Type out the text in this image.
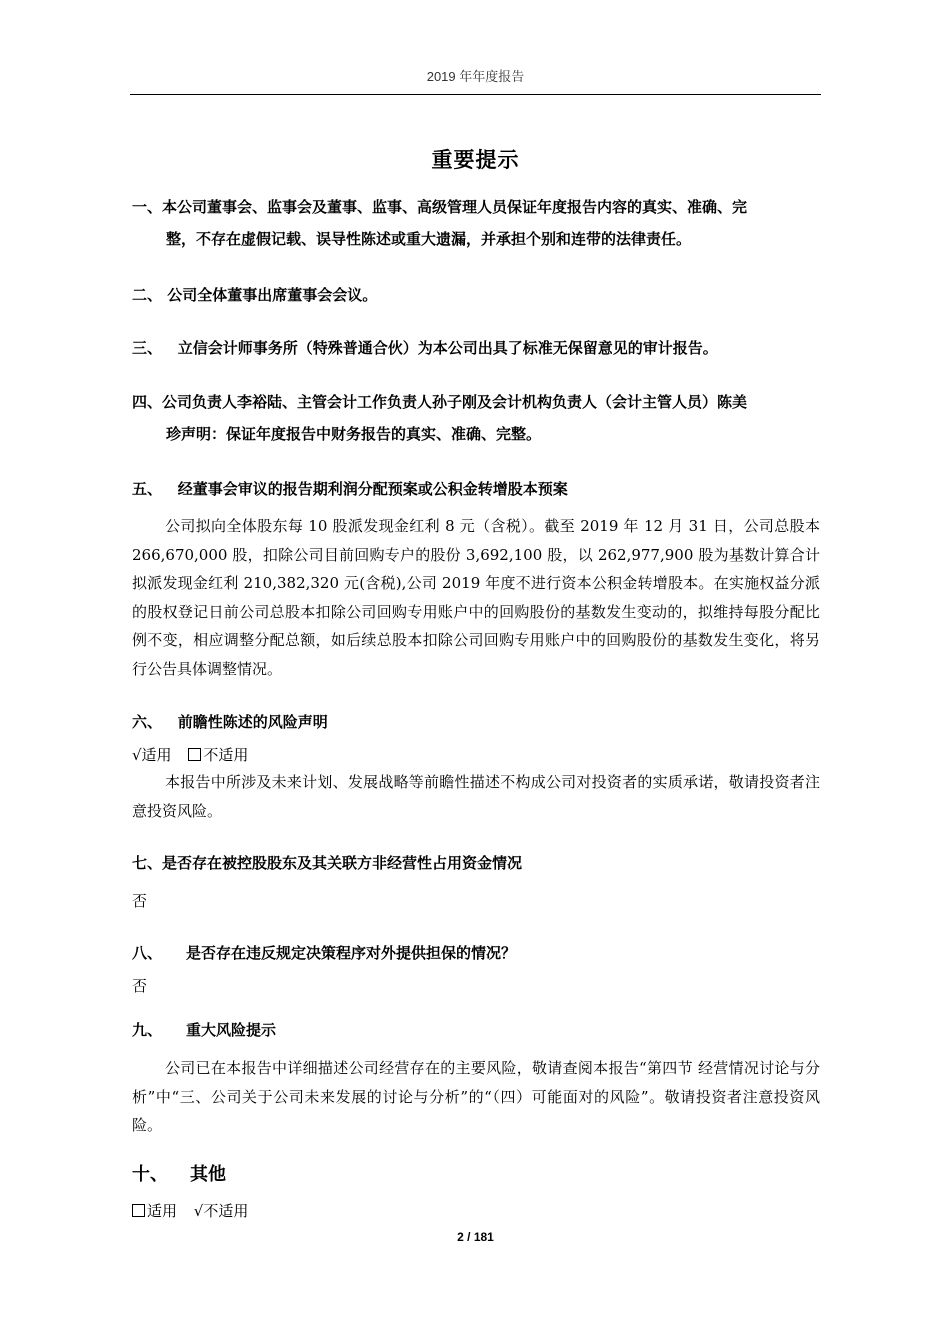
2019 年年度报告
重要提示
一、本公司董事会、监事会及董事、监事、高级管理人员保证年度报告内容的真实、准确、完
整，不存在虚假记载、误导性陈述或重大遗漏，并承担个别和连带的法律责任。
二、 公司全体董事出席董事会会议。
三、 立信会计师事务所（特殊普通合伙）为本公司出具了标准无保留意见的审计报告。
四、公司负责人李裕陆、主管会计工作负责人孙子刚及会计机构负责人（会计主管人员）陈美
珍声明：保证年度报告中财务报告的真实、准确、完整。
五、 经董事会审议的报告期利润分配预案或公积金转增股本预案
公司拟向全体股东每 10 股派发现金红利 8 元（含税）。截至 2019 年 12 月 31 日，公司总股本 266,670,000 股，扣除公司目前回购专户的股份 3,692,100 股，以 262,977,900 股为基数计算合计拟派发现金红利 210,382,320 元(含税),公司 2019 年度不进行资本公积金转增股本。在实施权益分派的股权登记日前公司总股本扣除公司回购专用账户中的回购股份的基数发生变动的，拟维持每股分配比例不变，相应调整分配总额，如后续总股本扣除公司回购专用账户中的回购股份的基数发生变化，将另行公告具体调整情况。
六、 前瞻性陈述的风险声明
√适用 不适用
本报告中所涉及未来计划、发展战略等前瞻性描述不构成公司对投资者的实质承诺，敬请投资者注意投资风险。
七、是否存在被控股股东及其关联方非经营性占用资金情况
否
八、 是否存在违反规定决策程序对外提供担保的情况？
否
九、 重大风险提示
公司已在本报告中详细描述公司经营存在的主要风险，敬请查阅本报告“第四节 经营情况讨论与分析”中“三、公司关于公司未来发展的讨论与分析”的“（四）可能面对的风险”。敬请投资者注意投资风险。
十、 其他
适用 √不适用
2 / 181
